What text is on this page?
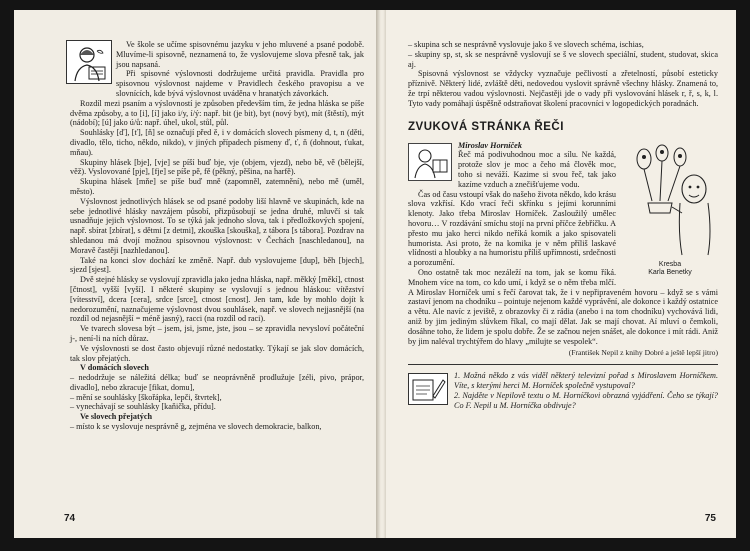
Ve škole se učíme spisovnému jazyku v jeho mluvené a psané podobě. Mluvíme-li spisovně, neznamená to, že vyslovujeme slova přesně tak, jak jsou napsaná.

Při spisovné výslovnosti dodržujeme určitá pravidla. Pravidla pro spisovnou výslovnost najdeme v Pravidlech českého pravopisu a ve slovnících, kde bývá výslovnost uváděna v hranatých závorkách.

Rozdíl mezi psaním a výslovností je způsoben především tím, že jedna hláska se píše dvěma způsoby, a to [i], [í] jako i/y, í/ý: např. bit (je bit), byt (nový byt), mít (štěstí), mýt (nádobí); [ú] jako ú/ů: např. úhel, ukol, stůl, půl.

Souhlásky [ď], [ť], [ň] se označují před ě, i v domácích slovech písmeny d, t, n (děti, divadlo, tělo, ticho, někdo, nikdo), v jiných případech písmeny ď, ť, ň (dohnout, ťukat, mňau).

Skupiny hlásek [bje], [vje] se píší buď bje, vje (objem, vjezd), nebo bě, vě (bělejší, věž). Vyslovované [pje], [fje] se píše pě, fě (pěkný, pěšina, na harfě).

Skupina hlásek [mňe] se píše buď mně (zapomněl, zatemnění), nebo mě (uměl, město).

Výslovnost jednotlivých hlásek se od psané podoby liší hlavně ve skupinách, kde na sebe jednotlivé hlásky navzájem působí, přizpůsobují se jedna druhé, mluvčí si tak usnadňuje jejich výslovnost. To se týká jak jednoho slova, tak i předložkových spojení, např. sbírat [zbírat], s dětmi [z detmi], zkouška [skouška], z tábora [s tábora]. Pozdrav na shledanou má dvojí možnou spisovnou výslovnost: v Čechách [naschledanou], na Moravě častěji [nazhledanou].

Také na konci slov dochází ke změně. Např. dub vyslovujeme [dup], běh [bjech], sjezd [sjest].

Dvě stejné hlásky se vyslovují zpravidla jako jedna hláska, např. měkký [měkí], ctnost [čtnost], vyšší [vyší]. I některé skupiny se vyslovují s jednou hláskou: vítězství [vítesství], dcera [cera], srdce [srce], ctnost [cnost]. Jen tam, kde by mohlo dojít k nedorozumění, naznačujeme výslovnost dvou souhlásek, např. ve slovech nejjasnější (na rozdíl od nejasnější = méně jasný), racci (na rozdíl od raci).

Ve tvarech slovesa být – jsem, jsi, jsme, jste, jsou – se zpravidla nevysloví počáteční j-, není-li na ních důraz.

Ve výslovnosti se dost často objevují různé nedostatky. Týkají se jak slov domácích, tak slov přejatých.

V domácích slovech

– nedodržuje se náležitá délka; buď se neoprávněně prodlužuje [zéli, pivo, prápor, divadlo], nebo zkracuje [fikat, domu],

– mění se souhlásky [škořápka, lepči, štvrtek],

– vynechávají se souhlásky [kaňička, přídu].

Ve slovech přejatých

– místo k se vyslovuje nesprávně g, zejména ve slovech demokracie, balkon,

74

– skupina sch se nesprávně vyslovuje jako š ve slovech schéma, ischias,

– skupiny sp, st, sk se nesprávně vyslovují se š ve slovech speciální, student, studovat, skica aj.

Spisovná výslovnost se vždycky vyznačuje pečlivostí a zřetelností, působí esteticky příznivě. Některý lidé, zvláště děti, nedovedou vyslovit správně všechny hlásky. Znamená to, že trpí některou vadou výslovnosti. Nejčastěji jde o vady při vyslovování hlásek r, ř, s, k, l. Tyto vady pomáhají úspěšně odstraňovat školení pracovníci v logopedických poradnách.

ZVUKOVÁ STRÁNKA ŘEČI
Kresba
Karla Benetky

Miroslav Horníček

Řeč má podivuhodnou moc a sílu. Ne každá, protože slov je moc a čeho má člověk moc, toho si neváží. Kazime si svou řeč, tak jako kazíme vzduch a znečišťujeme vodu.

Čas od času vstoupí však do našeho života někdo, kdo krásu slova vzkřísí. Kdo vrací řeči skřínku s jejími korunními klenoty. Jako třeba Miroslav Horníček. Zasloužilý umělec hovoru… V rozdávání smíchu stojí na první příčce žebříčku. A přesto mu jako herci nikdo neříká komik a jako spisovateli humorista. Asi proto, že na komika je v něm příliš laskavé vlídnosti a hloubky a na humoristu příliš upřímnosti, srdečnosti a porozumění.

Ono ostatně tak moc nezáleží na tom, jak se komu říká. Mnohem více na tom, co kdo umí, i když se o něm třeba mlčí. A Miroslav Horníček umí s řečí čarovat tak, že i v nepřipraveném hovoru – když se s vámi zastaví jenom na chodníku – pointuje nejenom každé vyprávění, ale dokonce i každý ostatnice a větu. Ale navíc z jeviště, z obrazovky či z rádia (anebo i na tom chodníku) vychovává lidi, aniž by jim jediným slůvkem říkal, co mají dělat. Jak se mají chovat. Aí mluví o čemkoli, dosáhne toho, že lidem je spolu dobře. Že se začnou nejen snášet, ale dokonce i mít rádi. Aniž by jim naléval trychtýřem do hlavy „milujte se vespolek“.

(František Nepil z knihy Dobré a ještě lepší jitro)

1. Možná někdo z vás viděl některý televizní pořad s Miroslavem Horníčkem. Víte, s kterými herci M. Horníček společně vystupoval?

2. Najděte v Nepilově textu o M. Horníčkovi obrazná vyjádření. Čeho se týkají? Co F. Nepil u M. Horníčka obdivuje?

75
